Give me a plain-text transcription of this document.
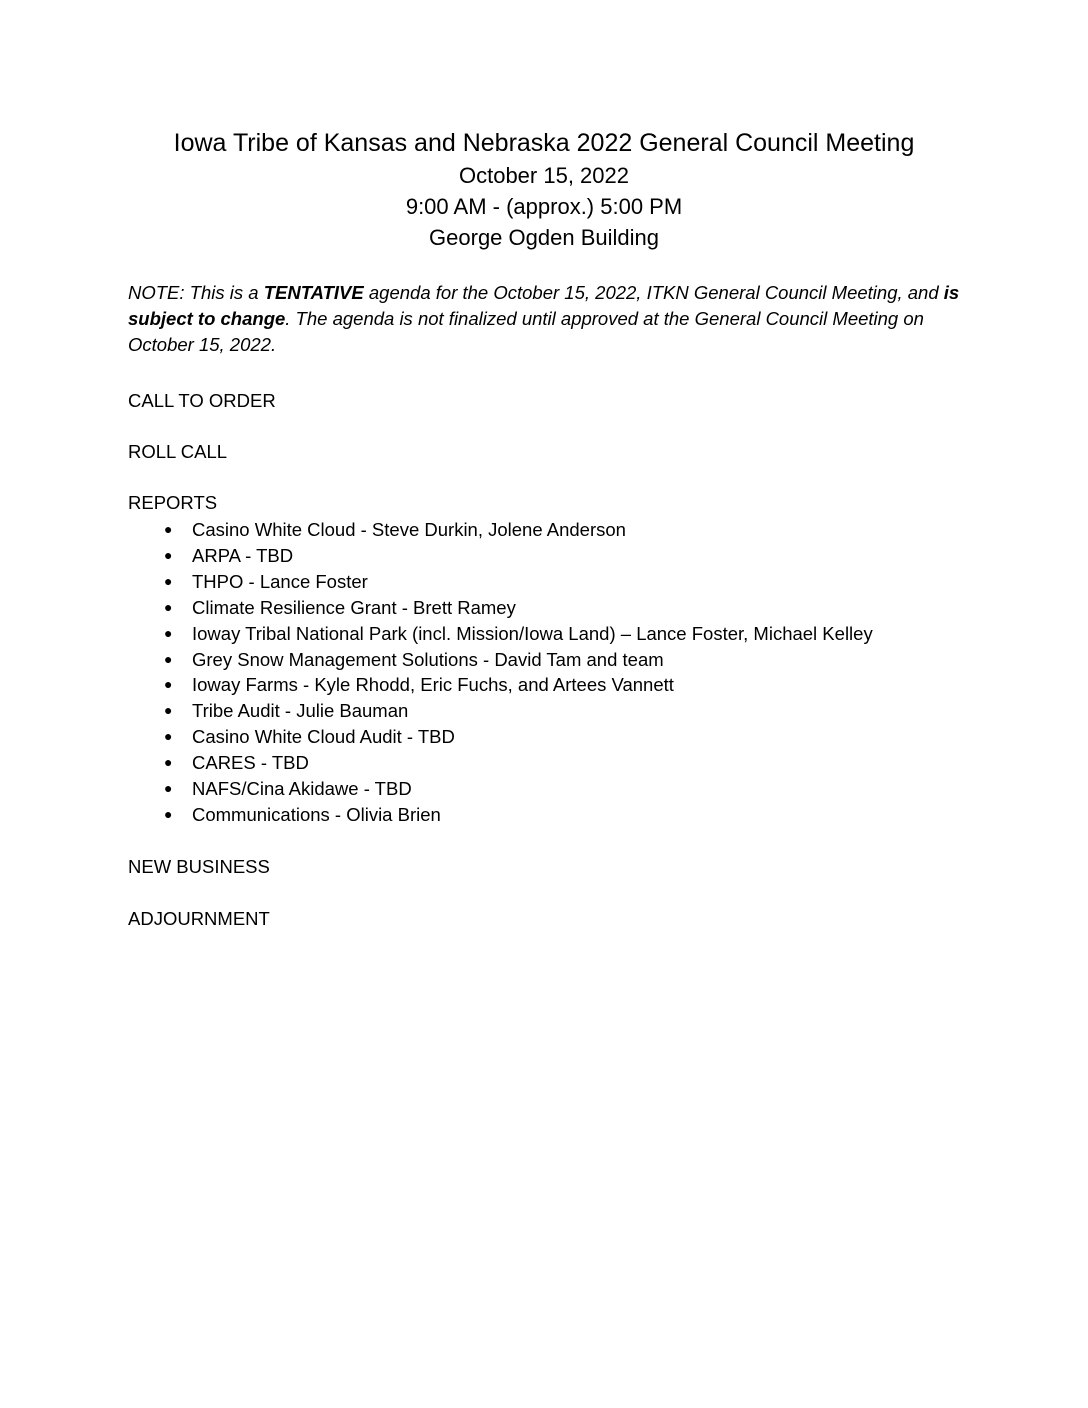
Iowa Tribe of Kansas and Nebraska 2022 General Council Meeting

October 15, 2022

9:00 AM - (approx.) 5:00 PM

George Ogden Building

NOTE: This is a TENTATIVE agenda for the October 15, 2022, ITKN General Council Meeting, and is subject to change. The agenda is not finalized until approved at the General Council Meeting on October 15, 2022.

CALL TO ORDER

ROLL CALL

REPORTS

● Casino White Cloud - Steve Durkin, Jolene Anderson
● ARPA - TBD
● THPO - Lance Foster
● Climate Resilience Grant - Brett Ramey
● Ioway Tribal National Park (incl. Mission/Iowa Land) – Lance Foster, Michael Kelley
● Grey Snow Management Solutions - David Tam and team
● Ioway Farms - Kyle Rhodd, Eric Fuchs, and Artees Vannett
● Tribe Audit - Julie Bauman
● Casino White Cloud Audit - TBD
● CARES - TBD
● NAFS/Cina Akidawe - TBD
● Communications - Olivia Brien

NEW BUSINESS

ADJOURNMENT
